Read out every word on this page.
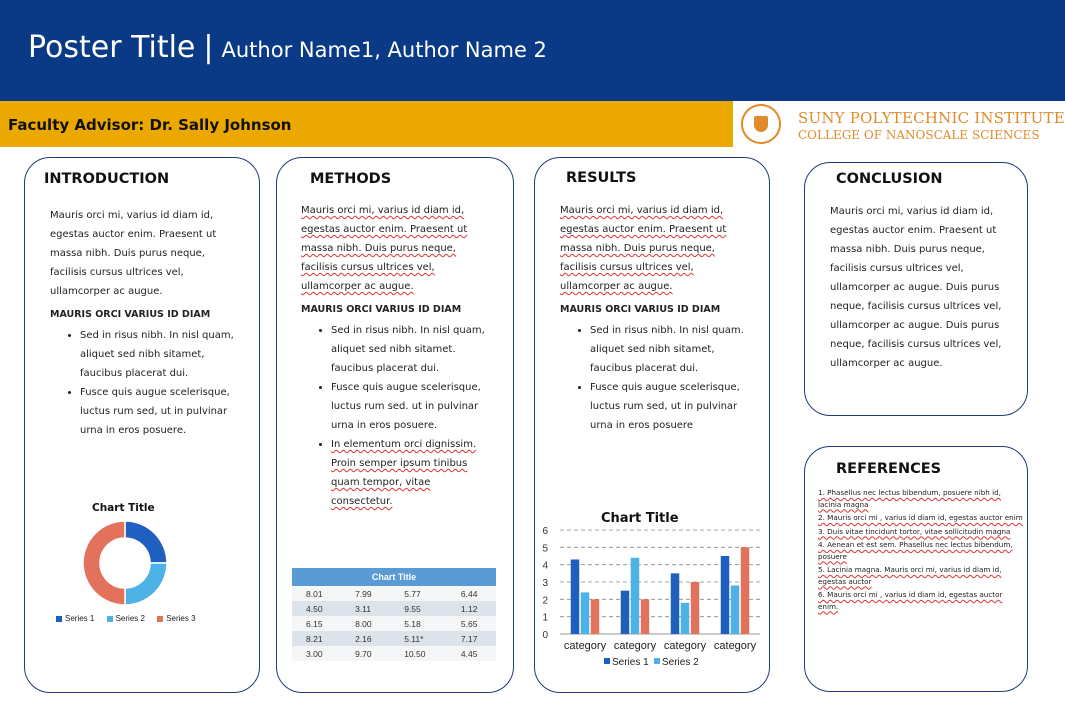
Poster Title | Author Name1, Author Name 2
Faculty Advisor: Dr. Sally Johnson	SUNY POLYTECHNIC INSTITUTE
COLLEGE OF NANOSCALE SCIENCES
INTRODUCTION

Mauris orci mi, varius id diam id, egestas auctor enim. Praesent ut massa nibh. Duis purus neque, facilisis cursus ultrices vel, ullamcorper ac augue.

MAURIS ORCI VARIUS ID DIAM

• Sed in risus nibh. In nisl quam, aliquet sed nibh sitamet, faucibus placerat dui.
• Fusce quis augue scelerisque, luctus rum sed, ut in pulvinar urna in eros posuere.
Chart Title
Series 1	Series 2	Series 3
METHODS

Mauris orci mi, varius id diam id, egestas auctor enim. Praesent ut massa nibh. Duis purus neque, facilisis cursus ultrices vel, ullamcorper ac augue.

MAURIS ORCI VARIUS ID DIAM

• Sed in risus nibh. In nisl quam, aliquet sed nibh sitamet. faucibus placerat dui.
• Fusce quis augue scelerisque, luctus rum sed. ut in pulvinar urna in eros posuere.
• In elementum orci dignissim. Proin semper ipsum tinibus quam tempor, vitae consectetur.
Chart Title			
8.01	7.99	5.77	6.44
4.50	3.11	9.55	1.12
6.15	8.00	5.18	5.65
8.21	2.16	5.11*	7.17
3.00	9.70	10.50	4.45
RESULTS

Mauris orci mi, varius id diam id, egestas auctor enim. Praesent ut massa nibh. Duis purus neque, facilisis cursus ultrices vel, ullamcorper ac augue.

MAURIS ORCI VARIUS ID DIAM

• Sed in risus nibh. In nisl quam. aliquet sed nibh sitamet, faucibus placerat dui.
• Fusce quis augue scelerisque, luctus rum sed, ut in pulvinar urna in eros posuere
Chart Title
0
1
2
3
4
5
6
category category category category
Series 1 Series 2
CONCLUSION

Mauris orci mi, varius id diam id, egestas auctor enim. Praesent ut massa nibh. Duis purus neque, facilisis cursus ultrices vel, ullamcorper ac augue. Duis purus neque, facilisis cursus ultrices vel, ullamcorper ac augue. Duis purus neque, facilisis cursus ultrices vel, ullamcorper ac augue.

REFERENCES

1. Phasellus nec lectus bibendum, posuere nibh id, lacinia magna

2. Mauris orci mi , varius id diam id, egestas auctor enim

3. Duis vitae tincidunt tortor, vitae sollicitudin magna

4. Aenean et est sem. Phasellus nec lectus bibendum, posuere

5. Lacinia magna. Mauris orci mi, varius id diam id, egestas auctor

6. Mauris orci mi , varius id diam id, egestas auctor enim.
